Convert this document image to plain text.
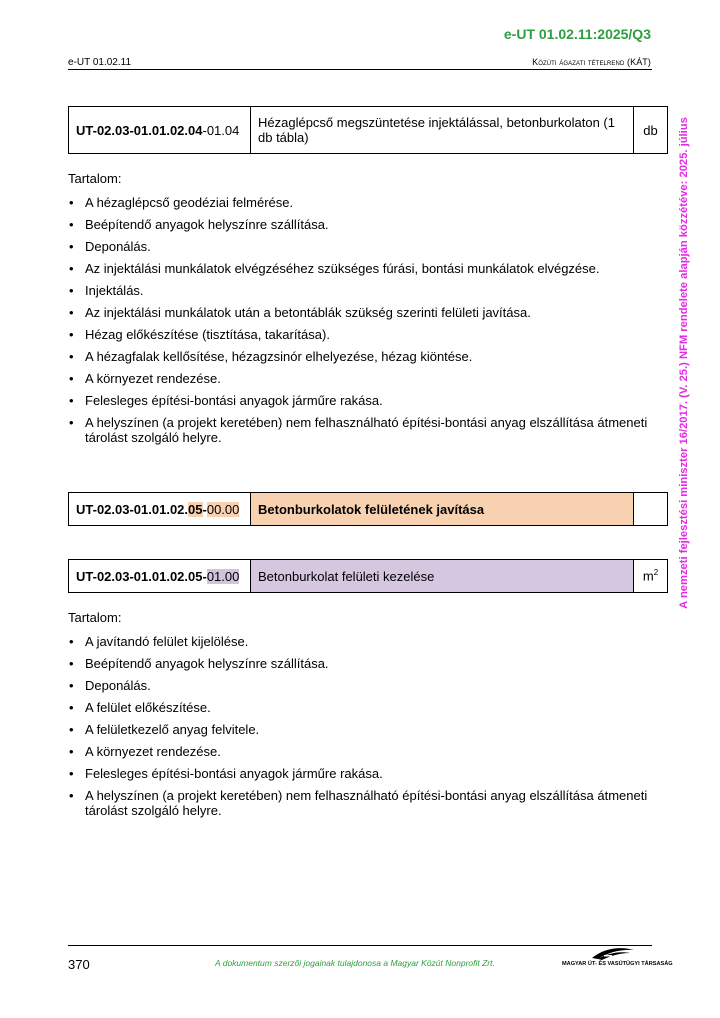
e-UT 01.02.11:2025/Q3
e-UT 01.02.11	Közúti ágazati tételrend (KÁT)
A nemzeti fejlesztési miniszter 16/2017. (V. 25.) NFM rendelete alapján közzétéve: 2025. július
UT-02.03-01.01.02.04-01.04	Hézaglépcső megszüntetése injektálással, betonburkolaton (1 db tábla)	db
Tartalom:
• A hézaglépcső geodéziai felmérése.
• Beépítendő anyagok helyszínre szállítása.
• Deponálás.
• Az injektálási munkálatok elvégzéséhez szükséges fúrási, bontási munkálatok elvégzése.
• Injektálás.
• Az injektálási munkálatok után a betontáblák szükség szerinti felületi javítása.
• Hézag előkészítése (tisztítása, takarítása).
• A hézagfalak kellősítése, hézagzsinór elhelyezése, hézag kiöntése.
• A környezet rendezése.
• Felesleges építési-bontási anyagok járműre rakása.
• A helyszínen (a projekt keretében) nem felhasználható építési-bontási anyag elszállítása átmeneti tárolást szolgáló helyre.
UT-02.03-01.01.02.05-00.00	Betonburkolatok felületének javítása	
UT-02.03-01.01.02.05-01.00	Betonburkolat felületi kezelése	$m^2$
Tartalom:
• A javítandó felület kijelölése.
• Beépítendő anyagok helyszínre szállítása.
• Deponálás.
• A felület előkészítése.
• A felületkezelő anyag felvitele.
• A környezet rendezése.
• Felesleges építési-bontási anyagok járműre rakása.
• A helyszínen (a projekt keretében) nem felhasználható építési-bontási anyag elszállítása átmeneti tárolást szolgáló helyre.
370	A dokumentum szerzői jogainak tulajdonosa a Magyar Közút Nonprofit Zrt.	MAGYAR ÚT- ÉS VASÚTÜGYI TÁRSASÁG
